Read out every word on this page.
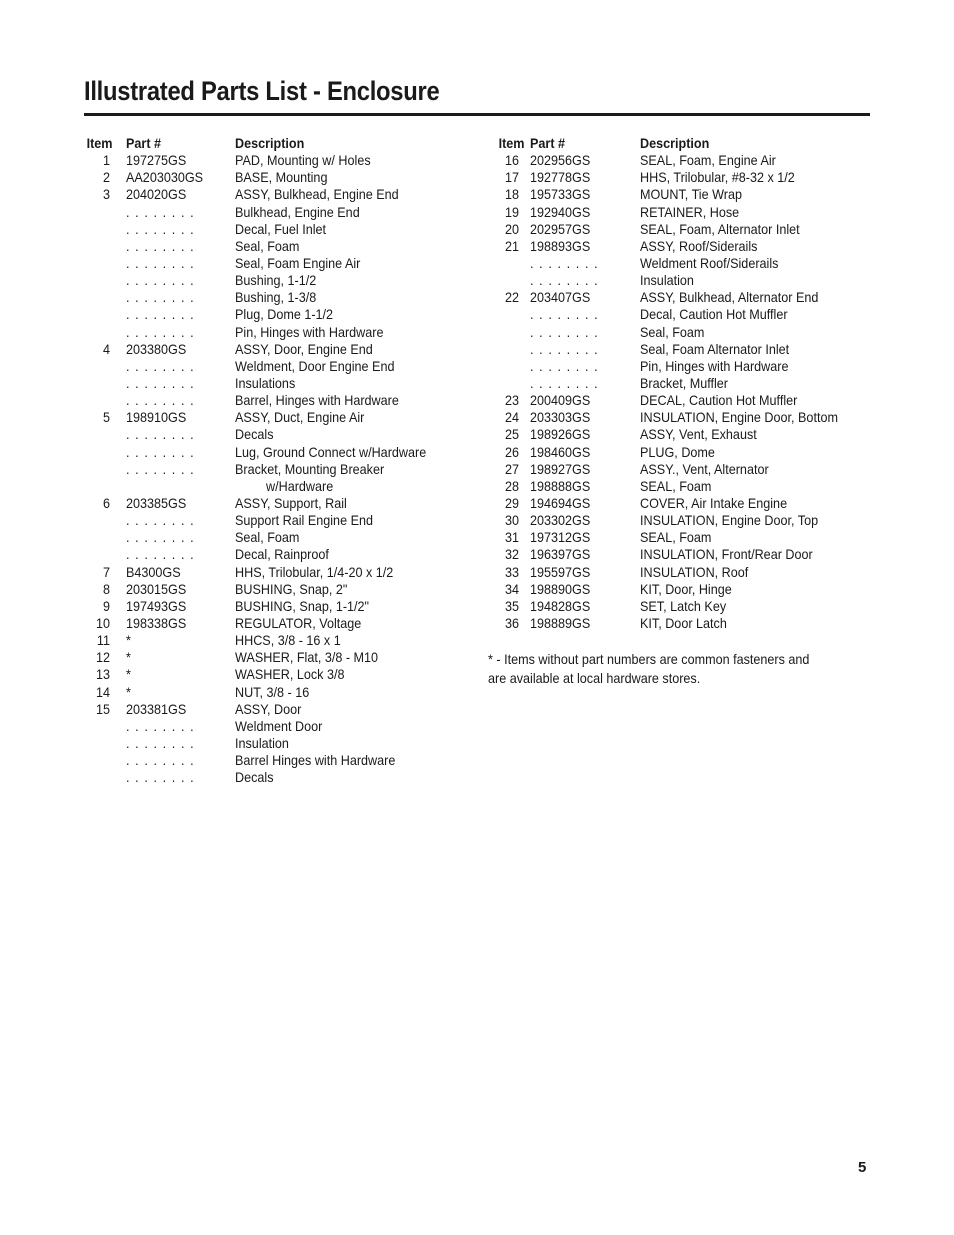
Illustrated Parts List - Enclosure
Item Part #	Description
1 197275GS	PAD, Mounting w/ Holes
2 AA203030GS BASE, Mounting
3 204020GS	ASSY, Bulkhead, Engine End
. . . . . . . .	Bulkhead, Engine End
. . . . . . . .	Decal, Fuel Inlet
. . . . . . . .	Seal, Foam
. . . . . . . .	Seal, Foam Engine Air
. . . . . . . .	Bushing, 1-1/2
. . . . . . . .	Bushing, 1-3/8
. . . . . . . .	Plug, Dome 1-1/2
. . . . . . . .	Pin, Hinges with Hardware
4 203380GS	ASSY, Door, Engine End
. . . . . . . .	Weldment, Door Engine End
. . . . . . . .	Insulations
. . . . . . . .	Barrel, Hinges with Hardware
5 198910GS	ASSY, Duct, Engine Air
. . . . . . . .	Decals
. . . . . . . .	Lug, Ground Connect w/Hardware
. . . . . . . .	Bracket, Mounting Breaker
w/Hardware
6 203385GS	ASSY, Support, Rail
. . . . . . . .	Support Rail Engine End
. . . . . . . .	Seal, Foam
. . . . . . . .	Decal, Rainproof
7 B4300GS	HHS, Trilobular, 1/4-20 x 1/2
8 203015GS	BUSHING, Snap, 2"
9 197493GS	BUSHING, Snap, 1-1/2"
10 198338GS	REGULATOR, Voltage
11 *	HHCS, 3/8 - 16 x 1
12 *	WASHER, Flat, 3/8 - M10
13 *	WASHER, Lock 3/8
14 *	NUT, 3/8 - 16
15 203381GS	ASSY, Door
. . . . . . . .	Weldment Door
. . . . . . . .	Insulation
. . . . . . . .	Barrel Hinges with Hardware
. . . . . . . .	Decals
Item Part #	Description
16 202956GS	SEAL, Foam, Engine Air
17 192778GS	HHS, Trilobular, #8-32 x 1/2
18 195733GS	MOUNT, Tie Wrap
19 192940GS	RETAINER, Hose
20 202957GS	SEAL, Foam, Alternator Inlet
21 198893GS	ASSY, Roof/Siderails
. . . . . . . .	Weldment Roof/Siderails
. . . . . . . .	Insulation
22 203407GS	ASSY, Bulkhead, Alternator End
. . . . . . . .	Decal, Caution Hot Muffler
. . . . . . . .	Seal, Foam
. . . . . . . .	Seal, Foam Alternator Inlet
. . . . . . . .	Pin, Hinges with Hardware
. . . . . . . .	Bracket, Muffler
23 200409GS	DECAL, Caution Hot Muffler
24 203303GS	INSULATION, Engine Door, Bottom
25 198926GS	ASSY, Vent, Exhaust
26 198460GS	PLUG, Dome
27 198927GS	ASSY., Vent, Alternator
28 198888GS	SEAL, Foam
29 194694GS	COVER, Air Intake Engine
30 203302GS	INSULATION, Engine Door, Top
31 197312GS	SEAL, Foam
32 196397GS	INSULATION, Front/Rear Door
33 195597GS	INSULATION, Roof
34 198890GS	KIT, Door, Hinge
35 194828GS	SET, Latch Key
36 198889GS	KIT, Door Latch

* - Items without part numbers are common fasteners and

are available at local hardware stores.

5
